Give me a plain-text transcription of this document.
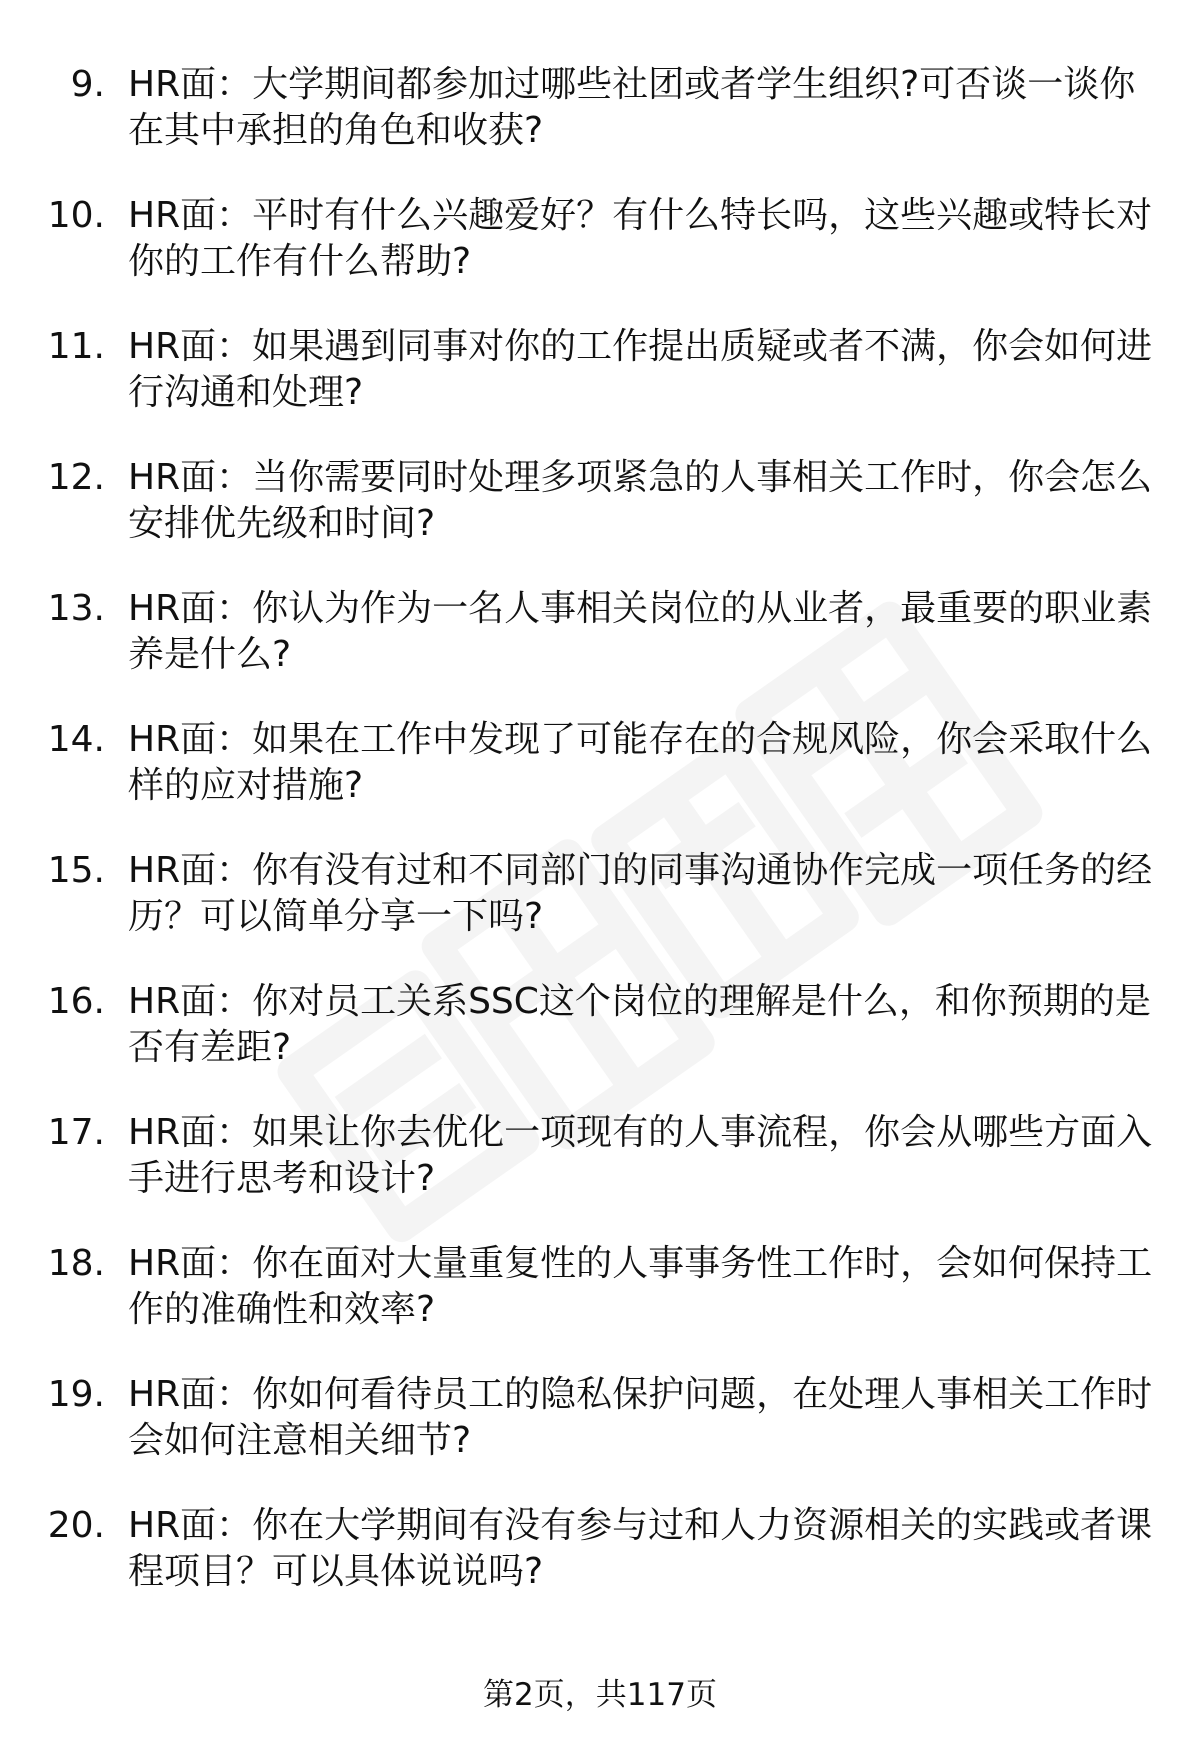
9. HR面：大学期间都参加过哪些社团或者学生组织?可否谈一谈你在其中承担的角色和收获?
10. HR面：平时有什么兴趣爱好？有什么特长吗，这些兴趣或特长对你的工作有什么帮助?
11. HR面：如果遇到同事对你的工作提出质疑或者不满，你会如何进行沟通和处理?
12. HR面：当你需要同时处理多项紧急的人事相关工作时，你会怎么安排优先级和时间?
13. HR面：你认为作为一名人事相关岗位的从业者，最重要的职业素养是什么?
14. HR面：如果在工作中发现了可能存在的合规风险，你会采取什么样的应对措施?
15. HR面：你有没有过和不同部门的同事沟通协作完成一项任务的经历？可以简单分享一下吗?
16. HR面：你对员工关系SSC这个岗位的理解是什么，和你预期的是否有差距?
17. HR面：如果让你去优化一项现有的人事流程，你会从哪些方面入手进行思考和设计?
18. HR面：你在面对大量重复性的人事事务性工作时，会如何保持工作的准确性和效率?
19. HR面：你如何看待员工的隐私保护问题，在处理人事相关工作时会如何注意相关细节?
20. HR面：你在大学期间有没有参与过和人力资源相关的实践或者课程项目？可以具体说说吗?
第2页，共117页
